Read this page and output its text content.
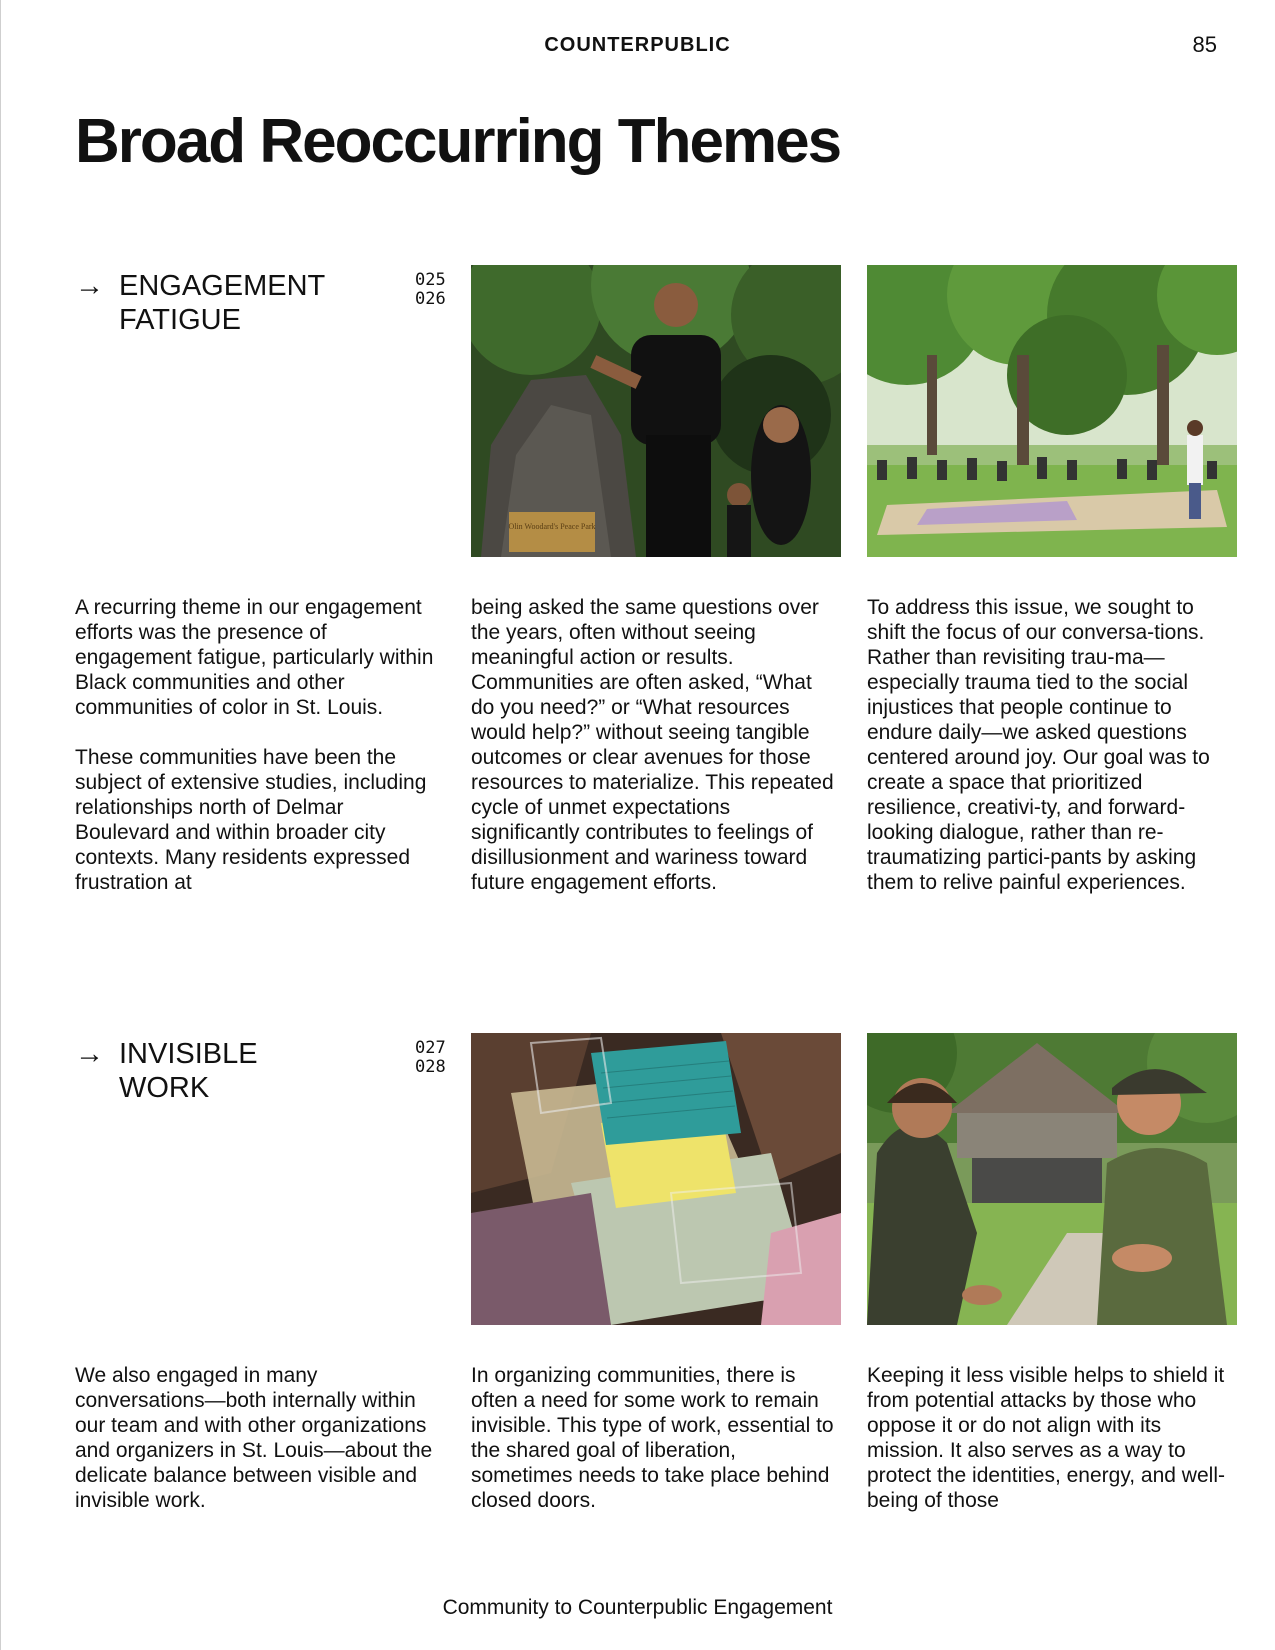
COUNTERPUBLIC	85
Broad Reoccurring Themes
→ ENGAGEMENT
FATIGUE
025
026
Olin Woodard's Peace Park

A recurring theme in our engagement efforts was the presence of engagement fatigue, particularly within Black communities and other communities of color in St. Louis.

These communities have been the subject of extensive studies, including relationships north of Delmar Boulevard and within broader city contexts. Many residents expressed frustration at

being asked the same questions over the years, often without seeing meaningful action or results. Communities are often asked, “What do you need?” or “What resources would help?” without seeing tangible outcomes or clear avenues for those resources to materialize. This repeated cycle of unmet expectations significantly contributes to feelings of disillusionment and wariness toward future engagement efforts.

To address this issue, we sought to shift the focus of our conversa-tions. Rather than revisiting trau-ma—especially trauma tied to the social injustices that people continue to endure daily—we asked questions centered around joy. Our goal was to create a space that prioritized resilience, creativi-ty, and forward-looking dialogue, rather than re-traumatizing partici-pants by asking them to relive painful experiences.

→ INVISIBLE
WORK
027
028

We also engaged in many conversations—both internally within our team and with other organizations and organizers in St. Louis—about the delicate balance between visible and invisible work.

In organizing communities, there is often a need for some work to remain invisible. This type of work, essential to the shared goal of liberation, sometimes needs to take place behind closed doors.

Keeping it less visible helps to shield it from potential attacks by those who oppose it or do not align with its mission. It also serves as a way to protect the identities, energy, and well-being of those

Community to Counterpublic Engagement
